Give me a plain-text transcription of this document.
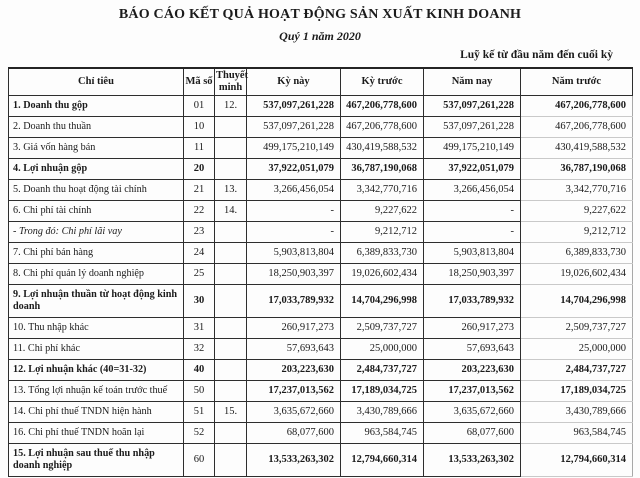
BÁO CÁO KẾT QUẢ HOẠT ĐỘNG SẢN XUẤT KINH DOANH
Quý 1 năm 2020
Luỹ kế từ đầu năm đến cuối kỳ
Chỉ tiêu	Mã số	Thuyết minh	Kỳ này	Kỳ trước	Năm nay	Năm trước
1. Doanh thu gộp	01	12.	537,097,261,228	467,206,778,600	537,097,261,228	467,206,778,600
2. Doanh thu thuần	10		537,097,261,228	467,206,778,600	537,097,261,228	467,206,778,600
3. Giá vốn hàng bán	11		499,175,210,149	430,419,588,532	499,175,210,149	430,419,588,532
4. Lợi nhuận gộp	20		37,922,051,079	36,787,190,068	37,922,051,079	36,787,190,068
5. Doanh thu hoạt động tài chính	21	13.	3,266,456,054	3,342,770,716	3,266,456,054	3,342,770,716
6. Chi phí tài chính	22	14.	-	9,227,622	-	9,227,622
- Trong đó: Chi phí lãi vay	23		-	9,212,712	-	9,212,712
7. Chi phí bán hàng	24		5,903,813,804	6,389,833,730	5,903,813,804	6,389,833,730
8. Chi phí quản lý doanh nghiệp	25		18,250,903,397	19,026,602,434	18,250,903,397	19,026,602,434
9. Lợi nhuận thuần từ hoạt động kinh doanh	30		17,033,789,932	14,704,296,998	17,033,789,932	14,704,296,998
10. Thu nhập khác	31		260,917,273	2,509,737,727	260,917,273	2,509,737,727
11. Chi phí khác	32		57,693,643	25,000,000	57,693,643	25,000,000
12. Lợi nhuận khác (40=31-32)	40		203,223,630	2,484,737,727	203,223,630	2,484,737,727
13. Tổng lợi nhuận kế toán trước thuế	50		17,237,013,562	17,189,034,725	17,237,013,562	17,189,034,725
14. Chi phí thuế TNDN hiện hành	51	15.	3,635,672,660	3,430,789,666	3,635,672,660	3,430,789,666
16. Chi phí thuế TNDN hoãn lại	52		68,077,600	963,584,745	68,077,600	963,584,745
15. Lợi nhuận sau thuế thu nhập doanh nghiệp	60		13,533,263,302	12,794,660,314	13,533,263,302	12,794,660,314
